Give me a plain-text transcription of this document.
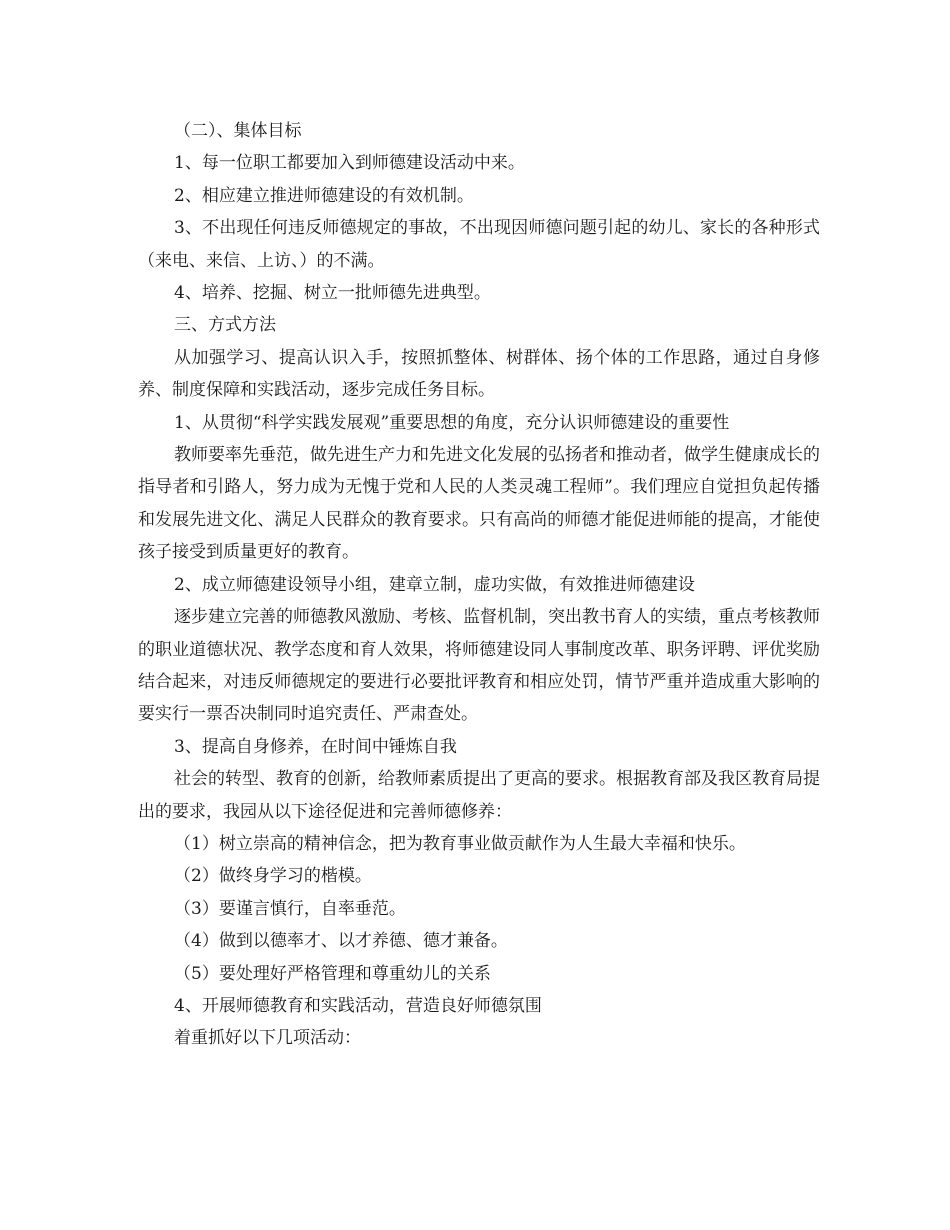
（二）、集体目标

1、每一位职工都要加入到师德建设活动中来。

2、相应建立推进师德建设的有效机制。

3、不出现任何违反师德规定的事故，不出现因师德问题引起的幼儿、家长的各种形式（来电、来信、上访、）的不满。

4、培养、挖掘、树立一批师德先进典型。

三、方式方法

从加强学习、提高认识入手，按照抓整体、树群体、扬个体的工作思路，通过自身修养、制度保障和实践活动，逐步完成任务目标。

1、从贯彻“科学实践发展观”重要思想的角度，充分认识师德建设的重要性

教师要率先垂范，做先进生产力和先进文化发展的弘扬者和推动者，做学生健康成长的指导者和引路人，努力成为无愧于党和人民的人类灵魂工程师”。我们理应自觉担负起传播和发展先进文化、满足人民群众的教育要求。只有高尚的师德才能促进师能的提高，才能使孩子接受到质量更好的教育。

2、成立师德建设领导小组，建章立制，虚功实做，有效推进师德建设

逐步建立完善的师德教风激励、考核、监督机制，突出教书育人的实绩，重点考核教师的职业道德状况、教学态度和育人效果，将师德建设同人事制度改革、职务评聘、评优奖励结合起来，对违反师德规定的要进行必要批评教育和相应处罚，情节严重并造成重大影响的要实行一票否决制同时追究责任、严肃查处。

3、提高自身修养，在时间中锤炼自我

社会的转型、教育的创新，给教师素质提出了更高的要求。根据教育部及我区教育局提出的要求，我园从以下途径促进和完善师德修养：

（1）树立崇高的精神信念，把为教育事业做贡献作为人生最大幸福和快乐。

（2）做终身学习的楷模。

（3）要谨言慎行，自率垂范。

（4）做到以德率才、以才养德、德才兼备。

（5）要处理好严格管理和尊重幼儿的关系

4、开展师德教育和实践活动，营造良好师德氛围

着重抓好以下几项活动：
